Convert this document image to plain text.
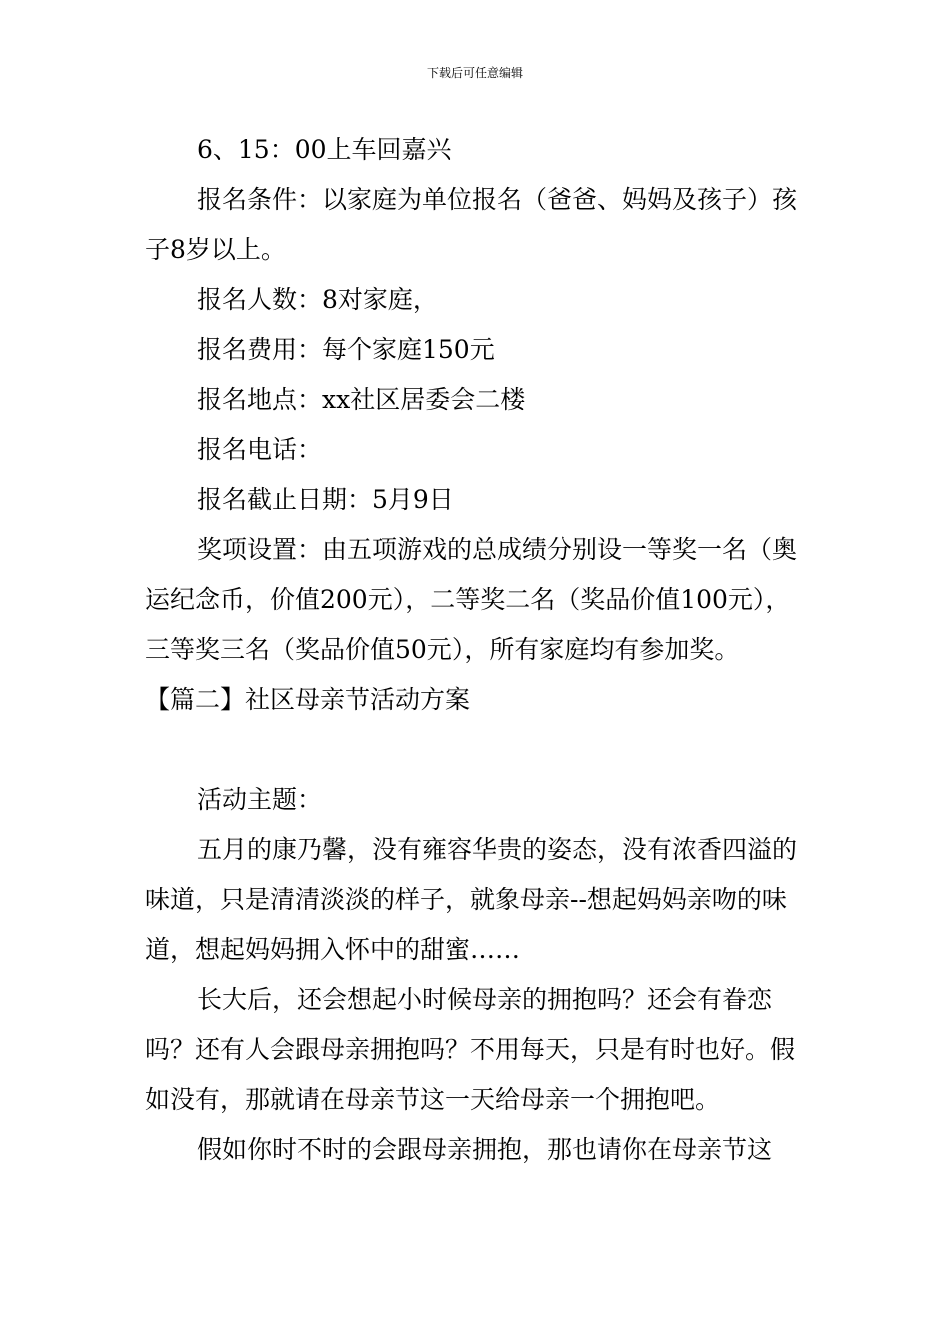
下载后可任意编辑

6、15：00上车回嘉兴

报名条件：以家庭为单位报名（爸爸、妈妈及孩子）孩子8岁以上。

报名人数：8对家庭，

报名费用：每个家庭150元

报名地点：xx社区居委会二楼

报名电话：

报名截止日期：5月9日

奖项设置：由五项游戏的总成绩分别设一等奖一名（奥运纪念币，价值200元），二等奖二名（奖品价值100元），三等奖三名（奖品价值50元），所有家庭均有参加奖。

【篇二】社区母亲节活动方案

活动主题：

五月的康乃馨，没有雍容华贵的姿态，没有浓香四溢的味道，只是清清淡淡的样子，就象母亲--想起妈妈亲吻的味道，想起妈妈拥入怀中的甜蜜……

长大后，还会想起小时候母亲的拥抱吗？还会有眷恋吗？还有人会跟母亲拥抱吗？不用每天，只是有时也好。假如没有，那就请在母亲节这一天给母亲一个拥抱吧。

假如你时不时的会跟母亲拥抱，那也请你在母亲节这
